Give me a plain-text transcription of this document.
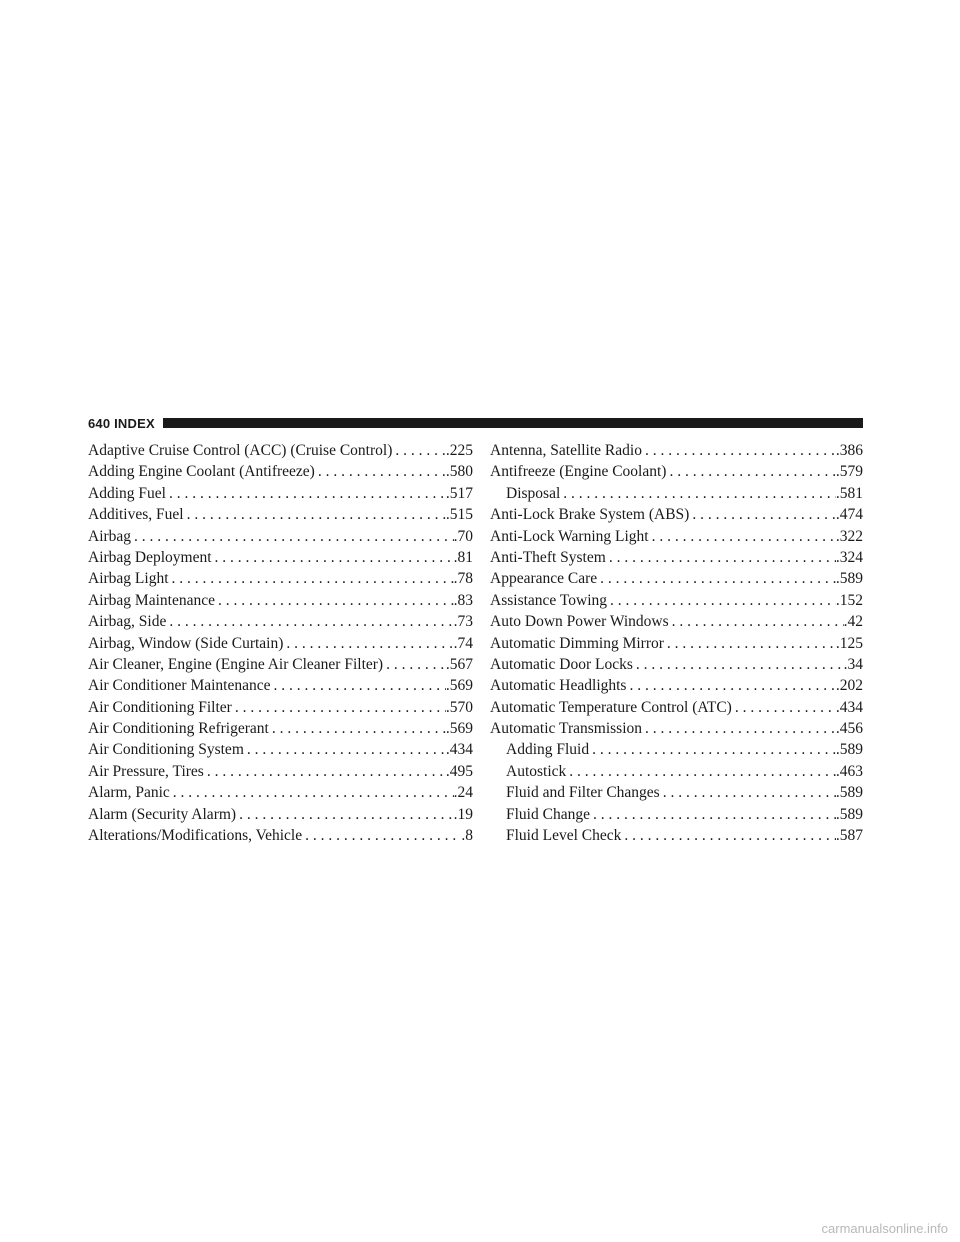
640 INDEX
Adaptive Cruise Control (ACC) (Cruise Control) . . .	.225
Adding Engine Coolant (Antifreeze) . . .	.580
Adding Fuel . . .	.517
Additives, Fuel . . .	.515
Airbag . . .	.70
Airbag Deployment . . .	.81
Airbag Light . . .	.78
Airbag Maintenance . . .	.83
Airbag, Side . . .	.73
Airbag, Window (Side Curtain) . . .	.74
Air Cleaner, Engine (Engine Air Cleaner Filter) . . .	.567
Air Conditioner Maintenance . . .	.569
Air Conditioning Filter . . .	.570
Air Conditioning Refrigerant . . .	.569
Air Conditioning System . . .	.434
Air Pressure, Tires . . .	.495
Alarm, Panic . . .	.24
Alarm (Security Alarm) . . .	.19
Alterations/Modifications, Vehicle . . .	.8
Antenna, Satellite Radio . . .	.386
Antifreeze (Engine Coolant) . . .	.579
Disposal . . .	.581
Anti-Lock Brake System (ABS) . . .	.474
Anti-Lock Warning Light . . .	.322
Anti-Theft System . . .	.324
Appearance Care . . .	.589
Assistance Towing . . .	.152
Auto Down Power Windows . . .	.42
Automatic Dimming Mirror . . .	.125
Automatic Door Locks . . .	.34
Automatic Headlights . . .	.202
Automatic Temperature Control (ATC) . . .	.434
Automatic Transmission . . .	.456
Adding Fluid . . .	.589
Autostick . . .	.463
Fluid and Filter Changes . . .	.589
Fluid Change . . .	.589
Fluid Level Check . . .	.587
carmanualsonline.info
